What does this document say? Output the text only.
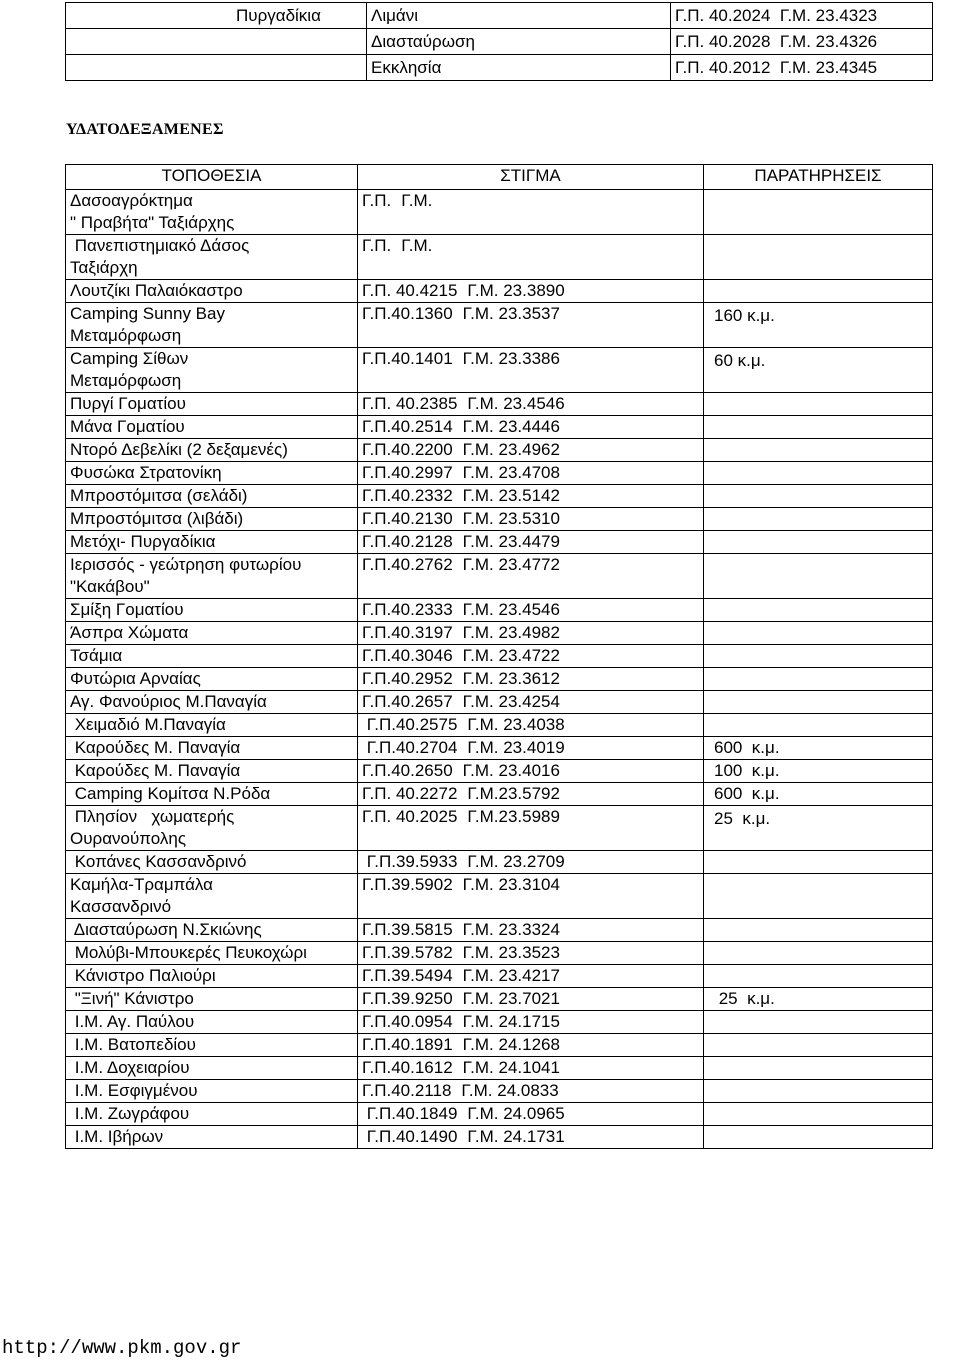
Πυργαδίκια	Λιμάνι	Γ.Π. 40.2024  Γ.Μ. 23.4323
	Διασταύρωση	Γ.Π. 40.2028  Γ.Μ. 23.4326
	Εκκλησία	Γ.Π. 40.2012  Γ.Μ. 23.4345
ΥΔΑΤΟΔΕΞΑΜΕΝΕΣ
ΤΟΠΟΘΕΣΙΑ	ΣΤΙΓΜΑ	ΠΑΡΑΤΗΡΗΣΕΙΣ
Δασοαγρόκτημα
" Πραβήτα" Ταξιάρχης	Γ.Π. Γ.Μ.	
Πανεπιστημιακό Δάσος
Ταξιάρχη	Γ.Π. Γ.Μ.	
Λουτζίκι Παλαιόκαστρο	Γ.Π. 40.4215 Γ.Μ. 23.3890	
Camping Sunny Bay
Μεταμόρφωση	Γ.Π.40.1360 Γ.Μ. 23.3537	160 κ.μ.
Camping Σίθων
Μεταμόρφωση	Γ.Π.40.1401 Γ.Μ. 23.3386	60 κ.μ.
Πυργί Γοματίου	Γ.Π. 40.2385 Γ.Μ. 23.4546	
Μάνα Γοματίου	Γ.Π.40.2514 Γ.Μ. 23.4446	
Ντορό Δεβελίκι (2 δεξαμενές)	Γ.Π.40.2200 Γ.Μ. 23.4962	
Φυσώκα Στρατονίκη	Γ.Π.40.2997 Γ.Μ. 23.4708	
Μπροστόμιτσα (σελάδι)	Γ.Π.40.2332 Γ.Μ. 23.5142	
Μπροστόμιτσα (λιβάδι)	Γ.Π.40.2130 Γ.Μ. 23.5310	
Μετόχι- Πυργαδίκια	Γ.Π.40.2128 Γ.Μ. 23.4479	
Ιερισσός - γεώτρηση φυτωρίου
"Κακάβου"	Γ.Π.40.2762 Γ.Μ. 23.4772	
Σμίξη Γοματίου	Γ.Π.40.2333 Γ.Μ. 23.4546	
Άσπρα Χώματα	Γ.Π.40.3197 Γ.Μ. 23.4982	
Τσάμια	Γ.Π.40.3046 Γ.Μ. 23.4722	
Φυτώρια Αρναίας	Γ.Π.40.2952 Γ.Μ. 23.3612	
Αγ. Φανούριος Μ.Παναγία	Γ.Π.40.2657 Γ.Μ. 23.4254	
Χειμαδιό Μ.Παναγία	Γ.Π.40.2575 Γ.Μ. 23.4038	
Καρούδες Μ. Παναγία	Γ.Π.40.2704 Γ.Μ. 23.4019	600  κ.μ.
Καρούδες Μ. Παναγία	Γ.Π.40.2650 Γ.Μ. 23.4016	100  κ.μ.
Camping Κομίτσα Ν.Ρόδα	Γ.Π. 40.2272 Γ.Μ.23.5792	600  κ.μ.
Πλησίον   χωματερής
Ουρανούπολης	Γ.Π. 40.2025 Γ.Μ.23.5989	25  κ.μ.
Κοπάνες Κασσανδρινό	Γ.Π.39.5933 Γ.Μ. 23.2709	
Καμήλα-Τραμπάλα
Κασσανδρινό	Γ.Π.39.5902 Γ.Μ. 23.3104	
Διασταύρωση Ν.Σκιώνης	Γ.Π.39.5815 Γ.Μ. 23.3324	
Μολύβι-Μπουκερές Πευκοχώρι	Γ.Π.39.5782 Γ.Μ. 23.3523	
Κάνιστρο Παλιούρι	Γ.Π.39.5494 Γ.Μ. 23.4217	
"Ξινή" Κάνιστρο	Γ.Π.39.9250 Γ.Μ. 23.7021	25  κ.μ.
Ι.Μ. Αγ. Παύλου	Γ.Π.40.0954 Γ.Μ. 24.1715	
Ι.Μ. Βατοπεδίου	Γ.Π.40.1891 Γ.Μ. 24.1268	
Ι.Μ. Δοχειαρίου	Γ.Π.40.1612 Γ.Μ. 24.1041	
Ι.Μ. Εσφιγμένου	Γ.Π.40.2118 Γ.Μ. 24.0833	
Ι.Μ. Ζωγράφου	Γ.Π.40.1849 Γ.Μ. 24.0965	
Ι.Μ. Ιβήρων	Γ.Π.40.1490 Γ.Μ. 24.1731	
http://www.pkm.gov.gr
